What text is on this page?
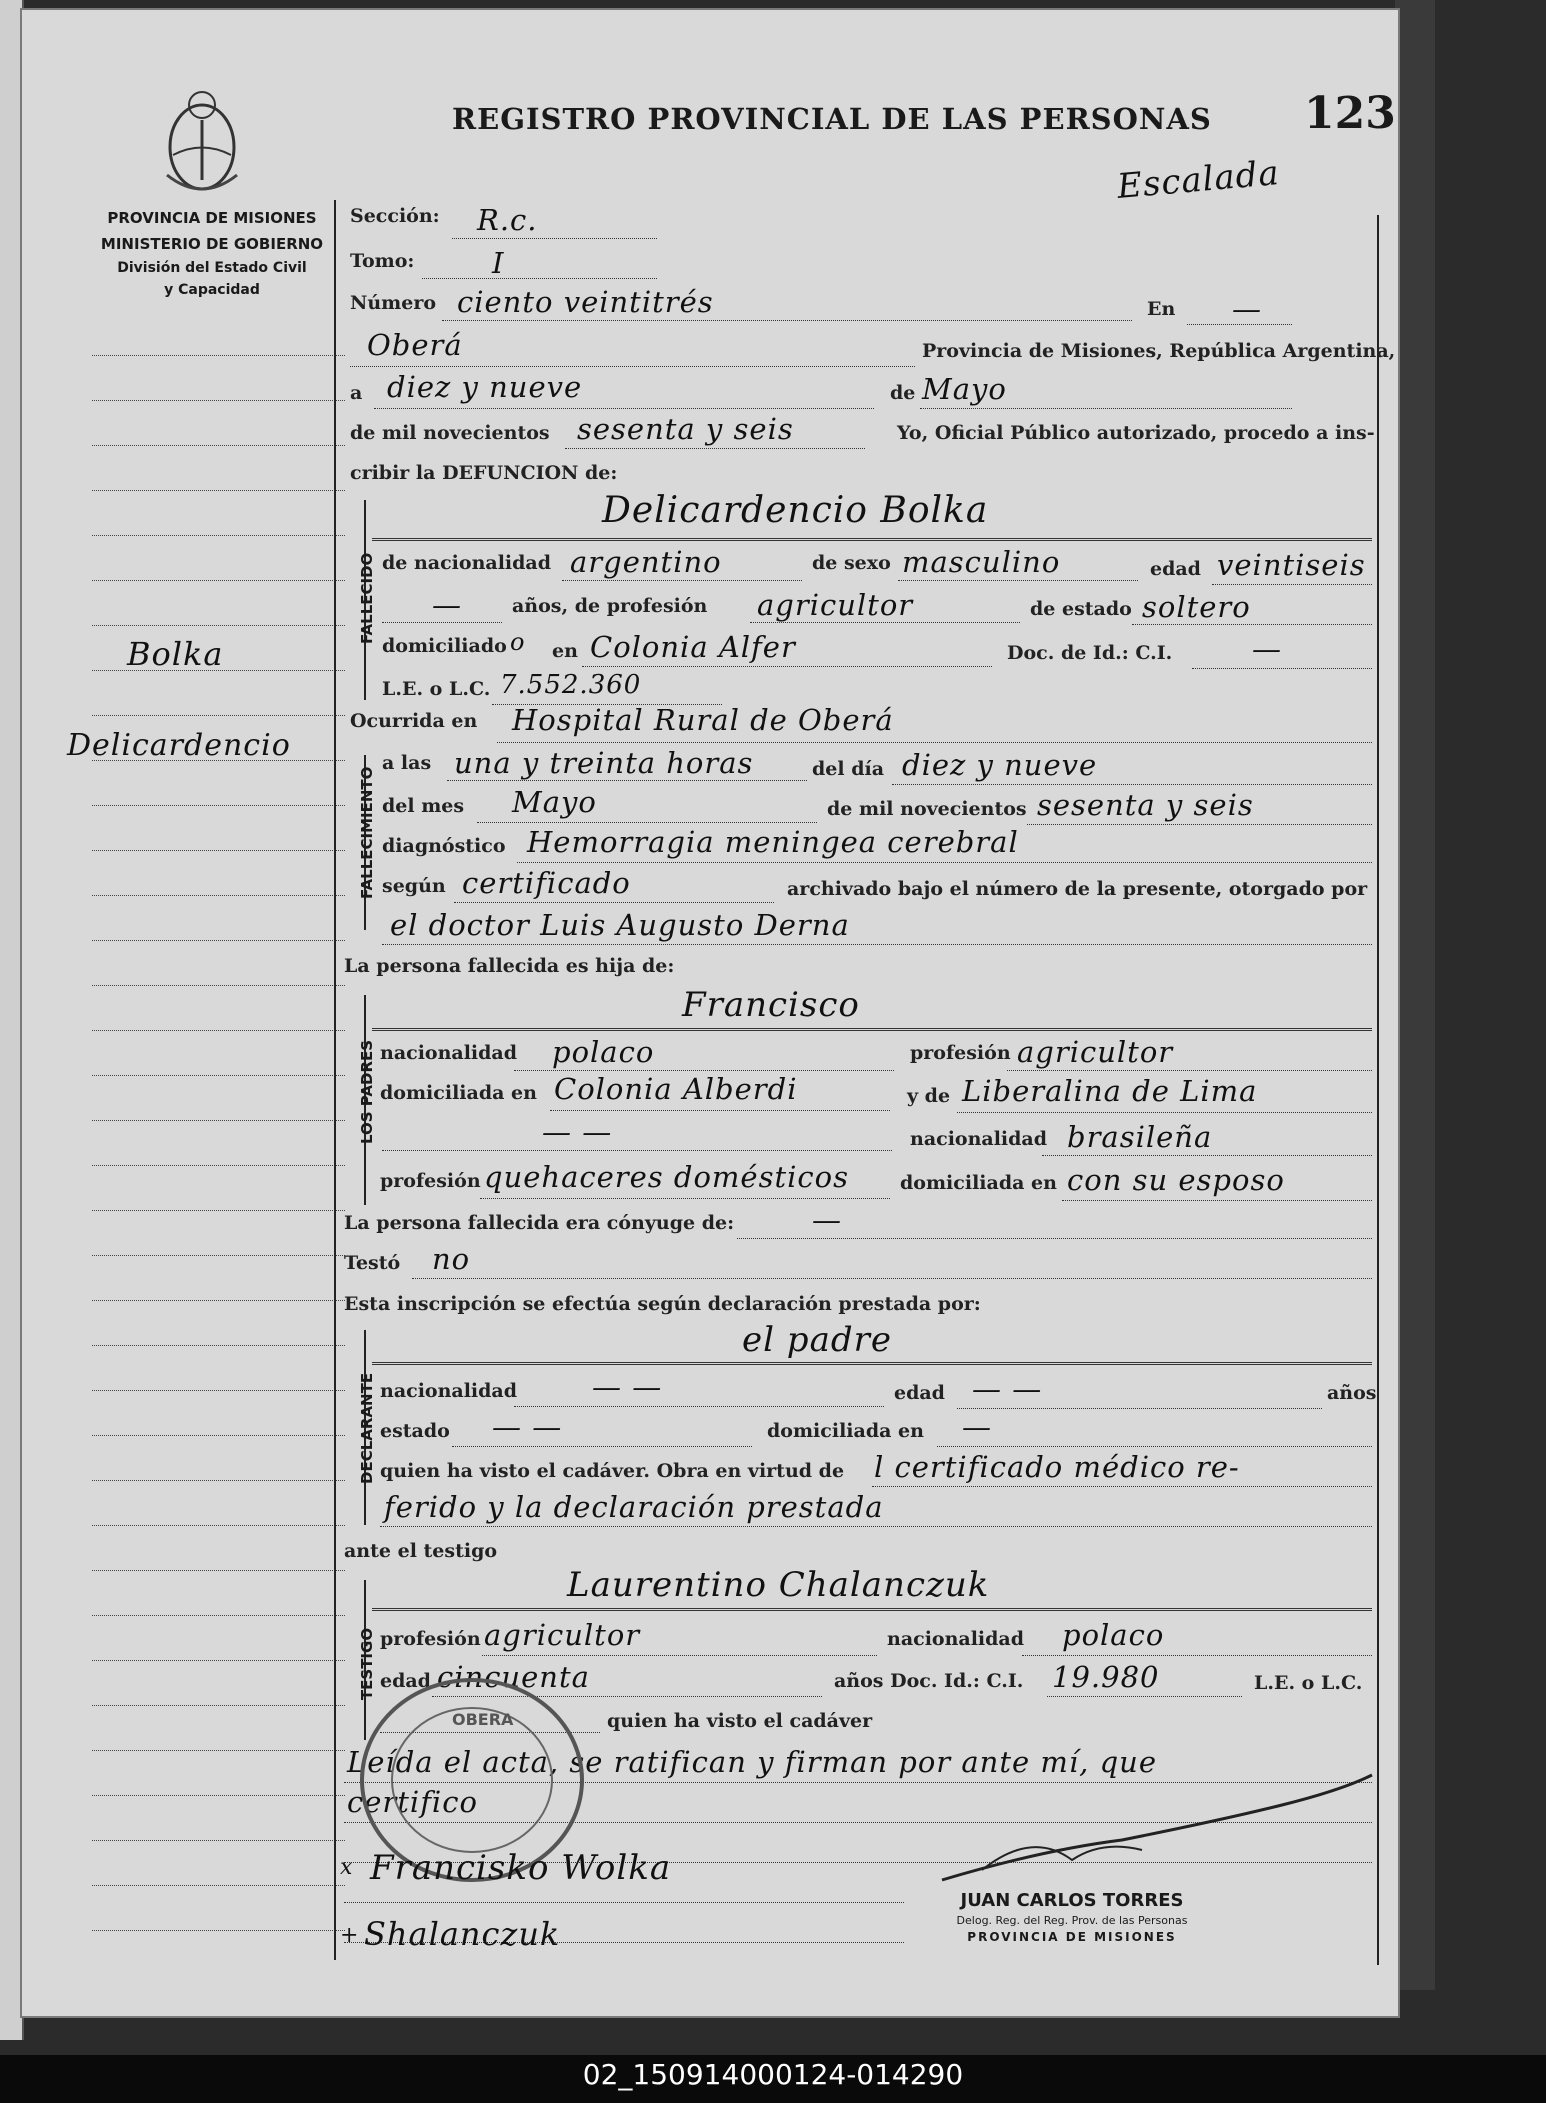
PROVINCIA DE MISIONES
MINISTERIO DE GOBIERNO
División del Estado Civil
y Capacidad
REGISTRO PROVINCIAL DE LAS PERSONAS 123
Escalada
Bolka
Delicardencio
Sección: R.c.
Tomo:	I
Número ciento veintitrés	En —
Oberá	Provincia de Misiones, República Argentina,
a diez y nueve	de Mayo
de mil novecientos sesenta y seis	Yo, Oficial Público autorizado, procedo a ins-
cribir la DEFUNCION de:
FALLECIDO
Delicardencio Bolka
de nacionalidad argentino	de sexo masculino	edad veintiseis
—	años, de profesión agricultor	de estado soltero
domiciliado o en Colonia Alfer	Doc. de Id.: C.I.	—
L.E. o L.C. 7.552.360
Ocurrida en Hospital Rural de Oberá
FALLECIMIENTO
a las una y treinta horas	del día diez y nueve
del mes Mayo	de mil novecientos sesenta y seis
diagnóstico Hemorragia meningea cerebral
según certificado	archivado bajo el número de la presente, otorgado por
el doctor Luis Augusto Derna
La persona fallecida es hija de:
LOS PADRES
Francisco
nacionalidad polaco	profesión agricultor
domiciliada en Colonia Alberdi	y de Liberalina de Lima
— —	nacionalidad brasileña
profesión quehaceres domésticos	domiciliada en con su esposo
La persona fallecida era cónyuge de:	—
Testó no
Esta inscripción se efectúa según declaración prestada por:
DECLARANTE
el padre
nacionalidad	— —	edad — —	años
estado — —	domiciliada en —
quien ha visto el cadáver. Obra en virtud de l certificado médico re-
ferido y la declaración prestada
ante el testigo
TESTIGO
Laurentino Chalanczuk
profesión agricultor	nacionalidad polaco
edad cincuenta	años Doc. Id.: C.I. 19.980	L.E. o L.C.
quien ha visto el cadáver
Leída el acta, se ratifican y firman por ante mí, que
certifico
OBERA
x Francisko Wolka
+ Shalanczuk
JUAN CARLOS TORRES
Delog. Reg. del Reg. Prov. de las Personas
PROVINCIA DE MISIONES
02_150914000124-014290
